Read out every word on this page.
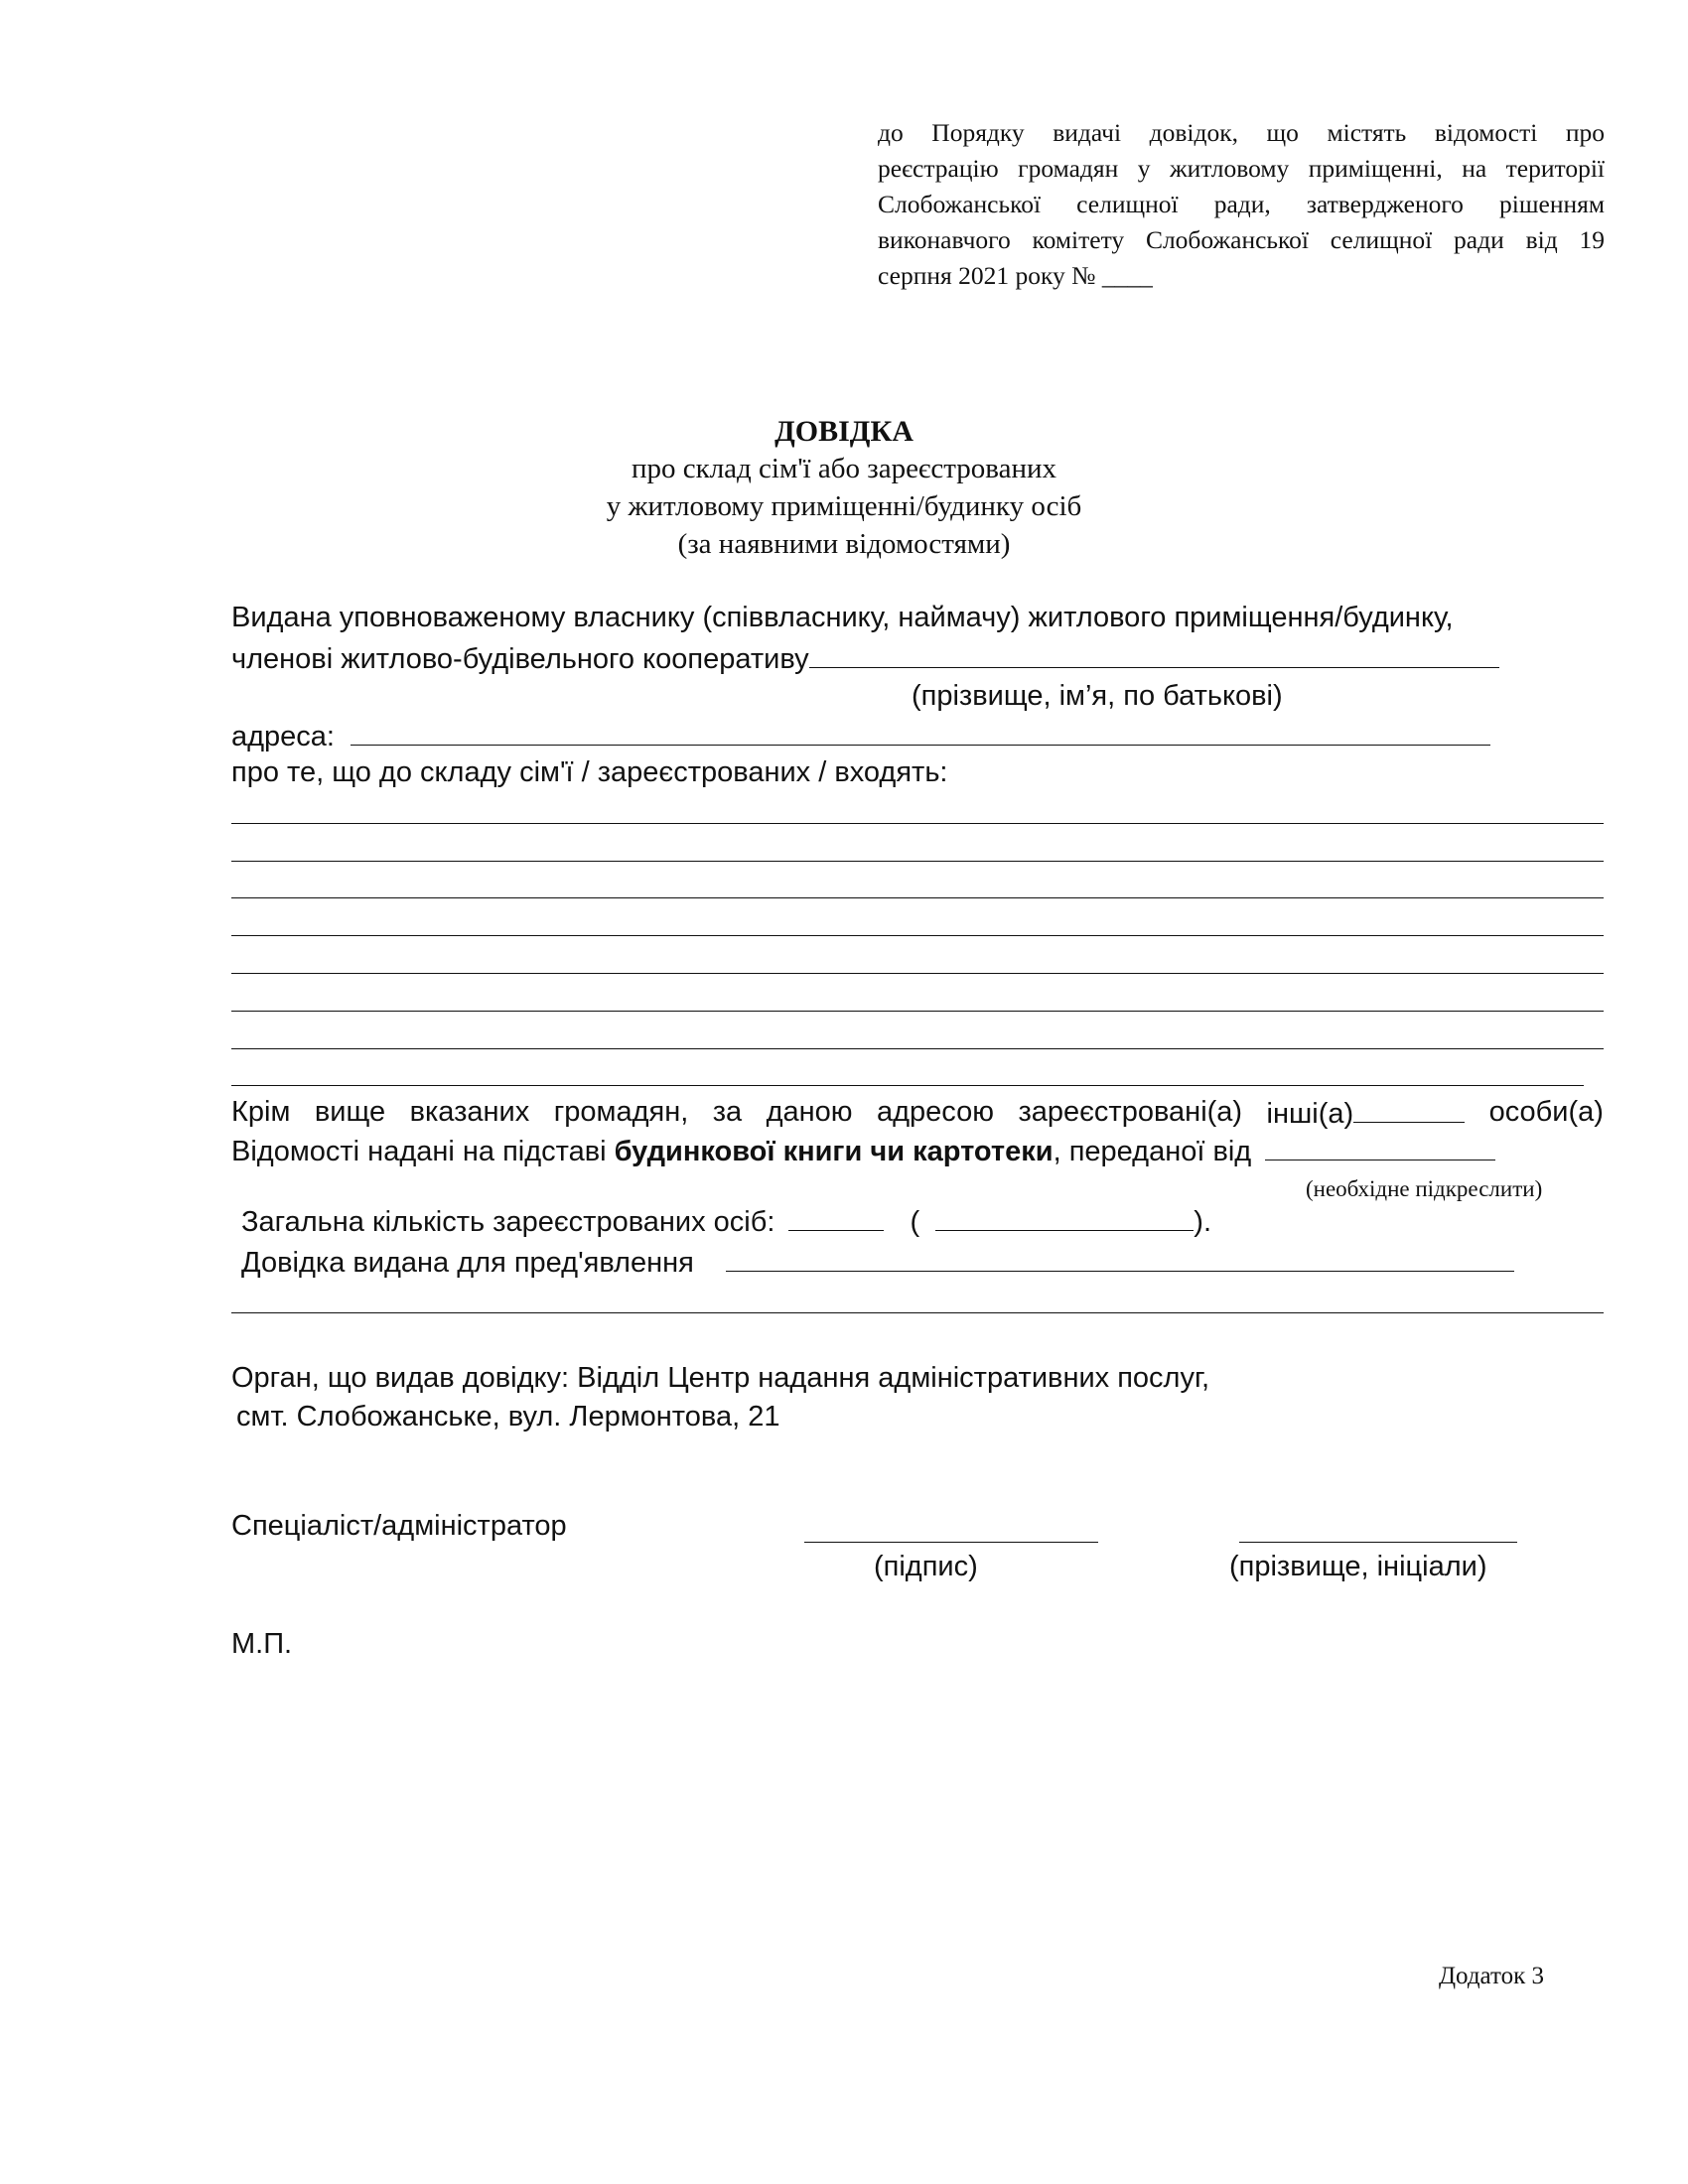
до Порядку видачі довідок, що містять відомості про
реєстрацію громадян у житловому приміщенні, на території
Слобожанської селищної ради, затвердженого рішенням
виконавчого комітету Слобожанської селищної ради від 19
серпня 2021 року № ____
ДОВІДКА
про склад сім'ї або зареєстрованих
у житловому приміщенні/будинку осіб
(за наявними відомостями)
Видана уповноваженому власнику (співвласнику, наймачу) житлового приміщення/будинку,
членові житлово-будівельного кооперативу
(прізвище, ім’я, по батькові)
адреса:
про те, що до складу сім'ї / зареєстрованих / входять:
Крім вище вказаних громадян, за даною адресою зареєстровані(а) інші(а)	особи(а)
Відомості надані на підставі будинкової книги чи картотеки, переданої від
(необхідне підкреслити)
Загальна кількість зареєстрованих осіб:	(	).
Довідка видана для пред'явлення
Орган, що видав довідку: Відділ Центр надання адміністративних послуг,
смт. Слобожанське, вул. Лермонтова, 21
Спеціаліст/адміністратор
(підпис)	(прізвище, ініціали)
М.П.
Додаток 3
